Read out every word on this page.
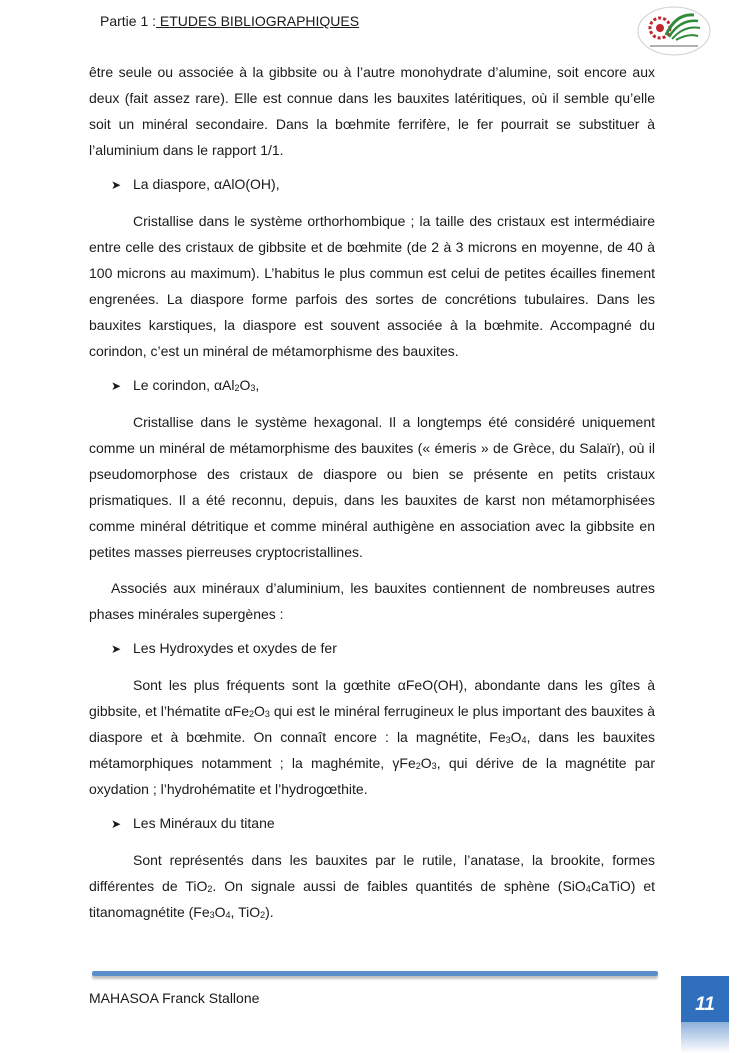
Partie 1 : ETUDES BIBLIOGRAPHIQUES

être seule ou associée à la gibbsite ou à l’autre monohydrate d’alumine, soit encore aux deux (fait assez rare). Elle est connue dans les bauxites latéritiques, où il semble qu’elle soit un minéral secondaire. Dans la bœhmite ferrifère, le fer pourrait se substituer à l’aluminium dans le rapport 1/1.

➤ La diaspore, αAlO(OH),

Cristallise dans le système orthorhombique ; la taille des cristaux est intermédiaire entre celle des cristaux de gibbsite et de bœhmite (de 2 à 3 microns en moyenne, de 40 à 100 microns au maximum). L’habitus le plus commun est celui de petites écailles finement engrenées. La diaspore forme parfois des sortes de concrétions tubulaires. Dans les bauxites karstiques, la diaspore est souvent associée à la bœhmite. Accompagné du corindon, c’est un minéral de métamorphisme des bauxites.

➤ Le corindon, $\alpha Al_2O_3$,

Cristallise dans le système hexagonal. Il a longtemps été considéré uniquement comme un minéral de métamorphisme des bauxites (« émeris » de Grèce, du Salaïr), où il pseudomorphose des cristaux de diaspore ou bien se présente en petits cristaux prismatiques. Il a été reconnu, depuis, dans les bauxites de karst non métamorphisées comme minéral détritique et comme minéral authigène en association avec la gibbsite en petites masses pierreuses cryptocristallines.

Associés aux minéraux d’aluminium, les bauxites contiennent de nombreuses autres phases minérales supergènes :

➤ Les Hydroxydes et oxydes de fer

Sont les plus fréquents sont la gœthite αFeO(OH), abondante dans les gîtes à gibbsite, et l’hématite $\alpha Fe_2O_3$ qui est le minéral ferrugineux le plus important des bauxites à diaspore et à bœhmite. On connaît encore : la magnétite, $Fe_3O_4$, dans les bauxites métamorphiques notamment ; la maghémite, $\gamma Fe_2O_3$, qui dérive de la magnétite par oxydation ; l’hydrohématite et l’hydrogœthite.

➤ Les Minéraux du titane

Sont représentés dans les bauxites par le rutile, l’anatase, la brookite, formes différentes de TiO$_2$. On signale aussi de faibles quantités de sphène (SiO$_4$CaTiO) et titanomagnétite ($Fe_3O_4$, TiO$_2$).

MAHASOA Franck Stallone	11
